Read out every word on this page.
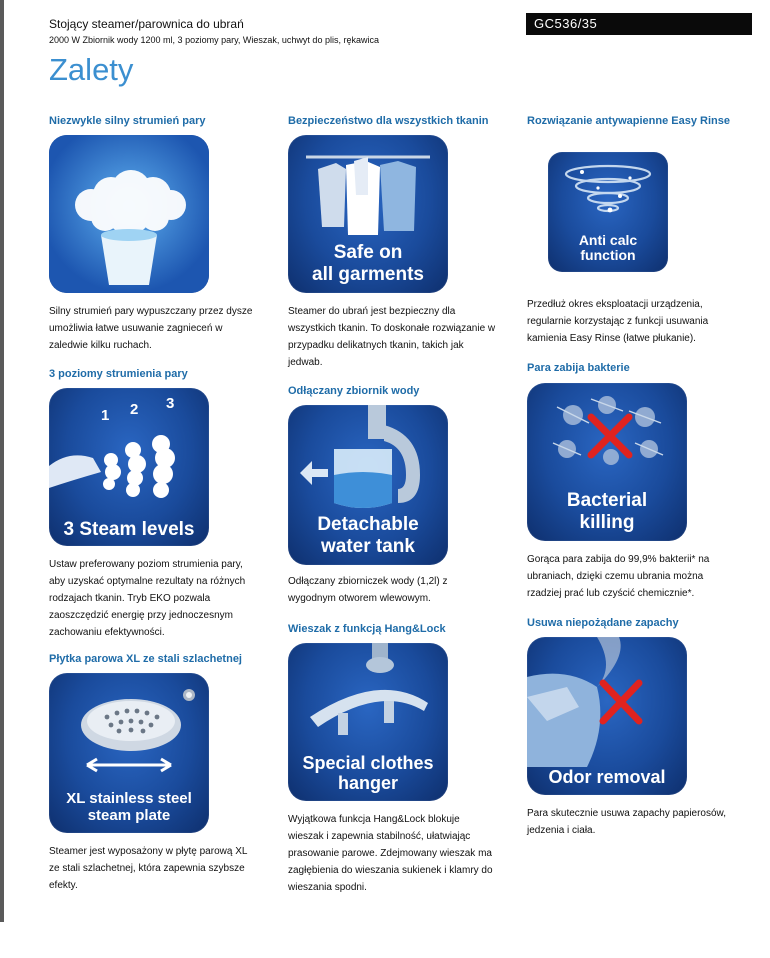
Stojący steamer/parownica do ubrań
2000 W Zbiornik wody 1200 ml, 3 poziomy pary, Wieszak, uchwyt do plis, rękawica
GC536/35
Zalety
Niezwykle silny strumień pary
Silny strumień pary wypuszczany przez dysze
umożliwia łatwe usuwanie zagnieceń w
zaledwie kilku ruchach.
3 poziomy strumienia pary
1 2 3
3 Steam levels
Ustaw preferowany poziom strumienia pary,
aby uzyskać optymalne rezultaty na różnych
rodzajach tkanin. Tryb EKO pozwala
zaoszczędzić energię przy jednoczesnym
zachowaniu efektywności.
Płytka parowa XL ze stali szlachetnej
XL stainless steel
steam plate
Steamer jest wyposażony w płytę parową XL
ze stali szlachetnej, która zapewnia szybsze
efekty.
Bezpieczeństwo dla wszystkich tkanin
Safe on
all garments
Steamer do ubrań jest bezpieczny dla
wszystkich tkanin. To doskonałe rozwiązanie w
przypadku delikatnych tkanin, takich jak
jedwab.
Odłączany zbiornik wody
Detachable
water tank
Odłączany zbiorniczek wody (1,2l) z
wygodnym otworem wlewowym.
Wieszak z funkcją Hang&Lock
Special clothes
hanger
Wyjątkowa funkcja Hang&Lock blokuje
wieszak i zapewnia stabilność, ułatwiając
prasowanie parowe. Zdejmowany wieszak ma
zagłębienia do wieszania sukienek i klamry do
wieszania spodni.
Rozwiązanie antywapienne Easy Rinse
Anti calc
function
Przedłuż okres eksploatacji urządzenia,
regularnie korzystając z funkcji usuwania
kamienia Easy Rinse (łatwe płukanie).
Para zabija bakterie
Bacterial
killing
Gorąca para zabija do 99,9% bakterii* na
ubraniach, dzięki czemu ubrania można
rzadziej prać lub czyścić chemicznie*.
Usuwa niepożądane zapachy
Odor removal
Para skutecznie usuwa zapachy papierosów,
jedzenia i ciała.
